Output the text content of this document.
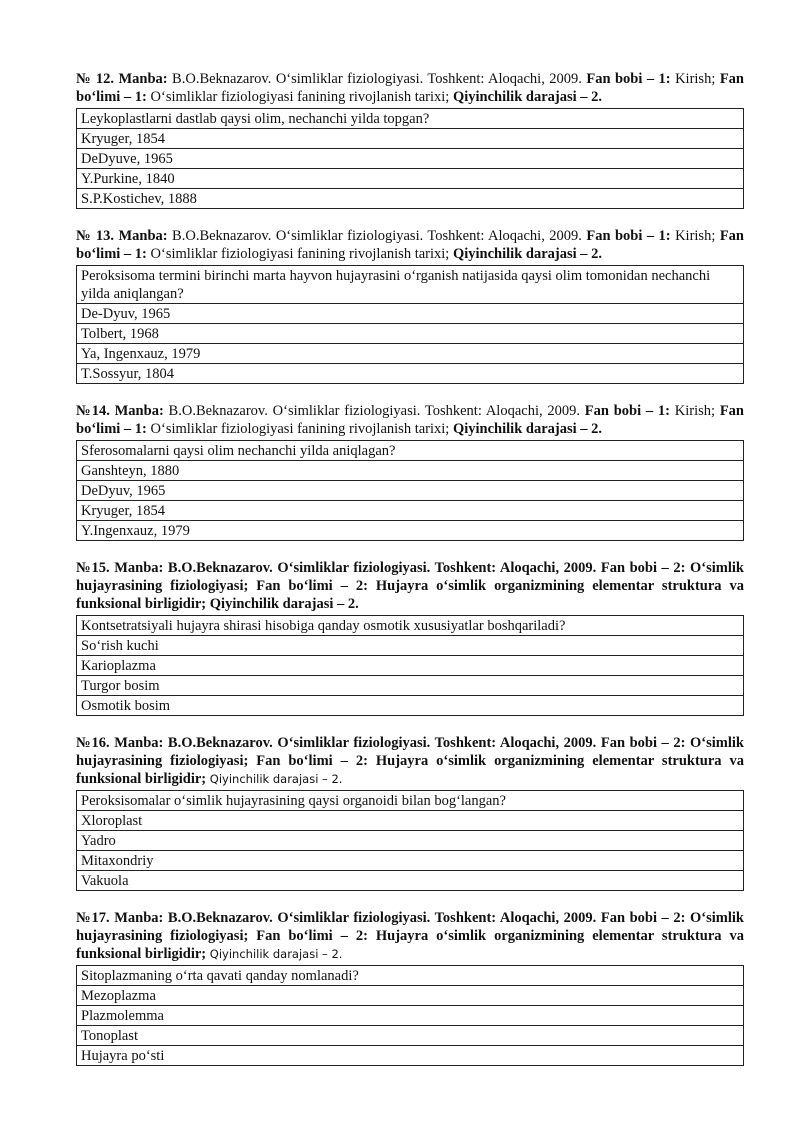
№ 12. Manba: B.O.Beknazarov. O‘simliklar fiziologiyasi. Toshkent: Aloqachi, 2009. Fan bobi – 1: Kirish; Fan bo‘limi – 1: O‘simliklar fiziologiyasi fanining rivojlanish tarixi; Qiyinchilik darajasi – 2.
Leykoplastlarni dastlab qaysi olim, nechanchi yilda topgan?
Kryuger, 1854
DeDyuve, 1965
Y.Purkine, 1840
S.P.Kostichev, 1888
№ 13. Manba: B.O.Beknazarov. O‘simliklar fiziologiyasi. Toshkent: Aloqachi, 2009. Fan bobi – 1: Kirish; Fan bo‘limi – 1: O‘simliklar fiziologiyasi fanining rivojlanish tarixi; Qiyinchilik darajasi – 2.
Peroksisoma termini birinchi marta hayvon hujayrasini o‘rganish natijasida qaysi olim tomonidan nechanchi yilda aniqlangan?
De-Dyuv, 1965
Tolbert, 1968
Ya, Ingenxauz, 1979
T.Sossyur, 1804
№14. Manba: B.O.Beknazarov. O‘simliklar fiziologiyasi. Toshkent: Aloqachi, 2009. Fan bobi – 1: Kirish; Fan bo‘limi – 1: O‘simliklar fiziologiyasi fanining rivojlanish tarixi; Qiyinchilik darajasi – 2.
Sferosomalarni qaysi olim nechanchi yilda aniqlagan?
Ganshteyn, 1880
DeDyuv, 1965
Kryuger, 1854
Y.Ingenxauz, 1979
№15. Manba: B.O.Beknazarov. O‘simliklar fiziologiyasi. Toshkent: Aloqachi, 2009. Fan bobi – 2: O‘simlik hujayrasining fiziologiyasi; Fan bo‘limi – 2: Hujayra o‘simlik organizmining elementar struktura va funksional birligidir; Qiyinchilik darajasi – 2.
Kontsetratsiyali hujayra shirasi hisobiga qanday osmotik xususiyatlar boshqariladi?
So‘rish kuchi
Karioplazma
Turgor bosim
Osmotik bosim
№16. Manba: B.O.Beknazarov. O‘simliklar fiziologiyasi. Toshkent: Aloqachi, 2009. Fan bobi – 2: O‘simlik hujayrasining fiziologiyasi; Fan bo‘limi – 2: Hujayra o‘simlik organizmining elementar struktura va funksional birligidir; Qiyinchilik darajasi – 2.
Peroksisomalar o‘simlik hujayrasining qaysi organoidi bilan bog‘langan?
Xloroplast
Yadro
Mitaxondriy
Vakuola
№17. Manba: B.O.Beknazarov. O‘simliklar fiziologiyasi. Toshkent: Aloqachi, 2009. Fan bobi – 2: O‘simlik hujayrasining fiziologiyasi; Fan bo‘limi – 2: Hujayra o‘simlik organizmining elementar struktura va funksional birligidir; Qiyinchilik darajasi – 2.
Sitoplazmaning o‘rta qavati qanday nomlanadi?
Mezoplazma
Plazmolemma
Tonoplast
Hujayra po‘sti
